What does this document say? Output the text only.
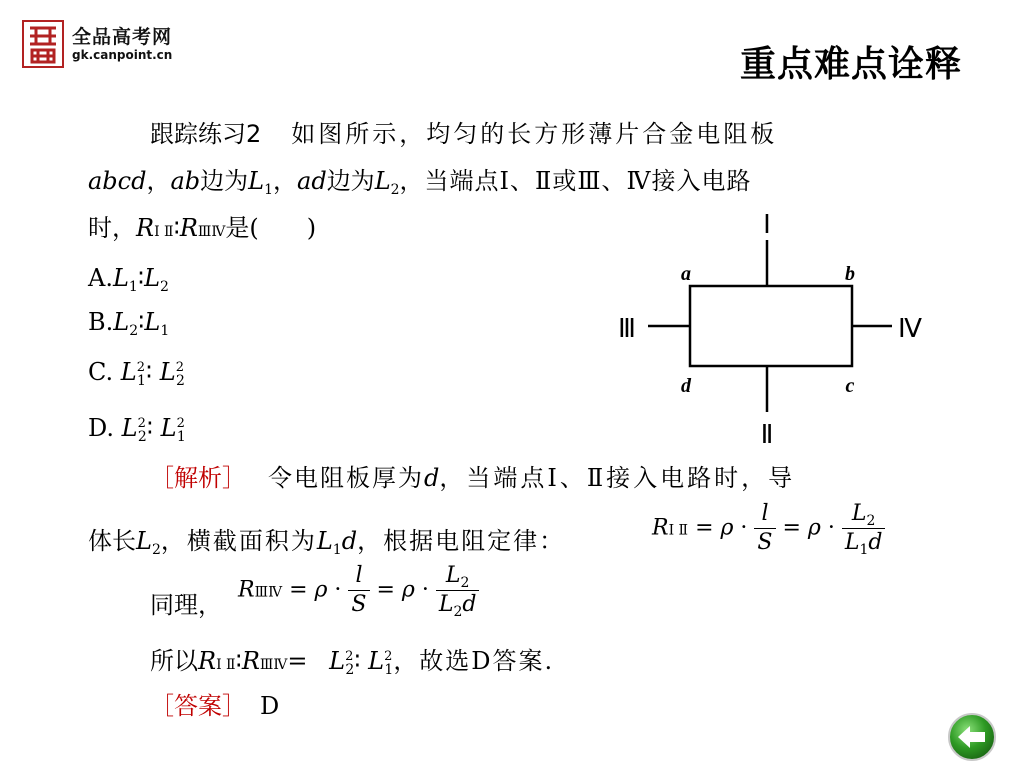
全品高考网
gk.canpoint.cn	重点难点诠释
跟踪练习2 如图所示，均匀的长方形薄片合金电阻板
abcd，ab边为$L_1$，ad边为$L_2$，当端点Ⅰ、Ⅱ或Ⅲ、Ⅳ接入电路
时，RⅠ Ⅱ∶RⅢⅣ是(　　)
$A.L_1∶L_2$
$B.L_2∶L_1$
C. $L^2_1∶$ $L^2_2$
D. $L^2_2∶$ $L^2_1$
Ⅰ
Ⅱ
Ⅲ	Ⅳ
a	b
c
d
［解析］ 令电阻板厚为d，当端点Ⅰ、Ⅱ接入电路时，导
体长$L_2$，横截面积为$L_1d$，根据电阻定律：	RⅠ Ⅱ = $\rho \cdot \frac{l}{S} = \rho \cdot \frac{L_2}{L_1d}$
同理，
RⅢⅣ = $\rho \cdot \frac{l}{S} = \rho \cdot \frac{L_2}{L_2d}$
所以RⅠ Ⅱ∶RⅢⅣ= $L^2_2∶$ $L^2_1$，故选D答案.
［答案］ D
